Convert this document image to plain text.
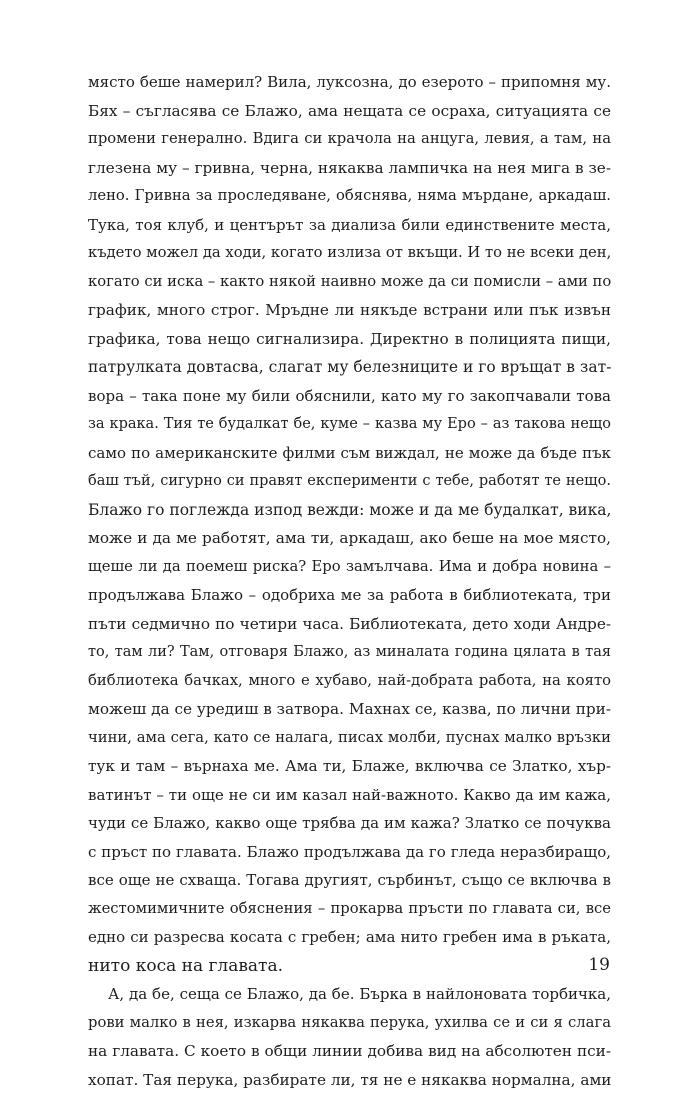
място беше намерил? Вила, луксозна, до езерото – припомня му.
Бях – съгласява се Блажо, ама нещата се осраха, ситуацията се
промени генерално. Вдига си крачола на анцуга, левия, а там, на
глезена му – гривна, черна, някаква лампичка на нея мига в зе-
лено. Гривна за проследяване, обяснява, няма мърдане, аркадаш.
Тука, тоя клуб, и центърът за диализа били единствените места,
където можел да ходи, когато излиза от вкъщи. И то не всеки ден,
когато си иска – както някой наивно може да си помисли – ами по
график, много строг. Мръдне ли някъде встрани или пък извън
графика, това нещо сигнализира. Директно в полицията пищи,
патрулката довтасва, слагат му белезниците и го връщат в зат-
вора – така поне му били обяснили, като му го закопчавали това
за крака. Тия те будалкат бе, куме – казва му Еро – аз такова нещо
само по американските филми съм виждал, не може да бъде пък
баш тъй, сигурно си правят експерименти с тебе, работят те нещо.
Блажо го поглежда изпод вежди: може и да ме будалкат, вика,
може и да ме работят, ама ти, аркадаш, ако беше на мое място,
щеше ли да поемеш риска? Еро замълчава. Има и добра новина –
продължава Блажо – одобриха ме за работа в библиотеката, три
пъти седмично по четири часа. Библиотеката, дето ходи Андре-
то, там ли? Там, отговаря Блажо, аз миналата година цялата в тая
библиотека бачках, много е хубаво, най-добрата работа, на която
можеш да се уредиш в затвора. Махнах се, казва, по лични при-
чини, ама сега, като се налага, писах молби, пуснах малко връзки
тук и там – върнаха ме. Ама ти, Блаже, включва се Златко, хър-
ватинът – ти още не си им казал най-важното. Какво да им кажа,
чуди се Блажо, какво още трябва да им кажа? Златко се почуква
с пръст по главата. Блажо продължава да го гледа неразбиращо,
все още не схваща. Тогава другият, сърбинът, също се включва в
жестомимичните обяснения – прокарва пръсти по главата си, все
едно си разресва косата с гребен; ама нито гребен има в ръката,
нито коса на главата.
А, да бе, сеща се Блажо, да бе. Бърка в найлоновата торбичка,
рови малко в нея, изкарва някаква перука, ухилва се и си я слага
на главата. С което в общи линии добива вид на абсолютен пси-
хопат. Тая перука, разбирате ли, тя не е някаква нормална, ами
19
